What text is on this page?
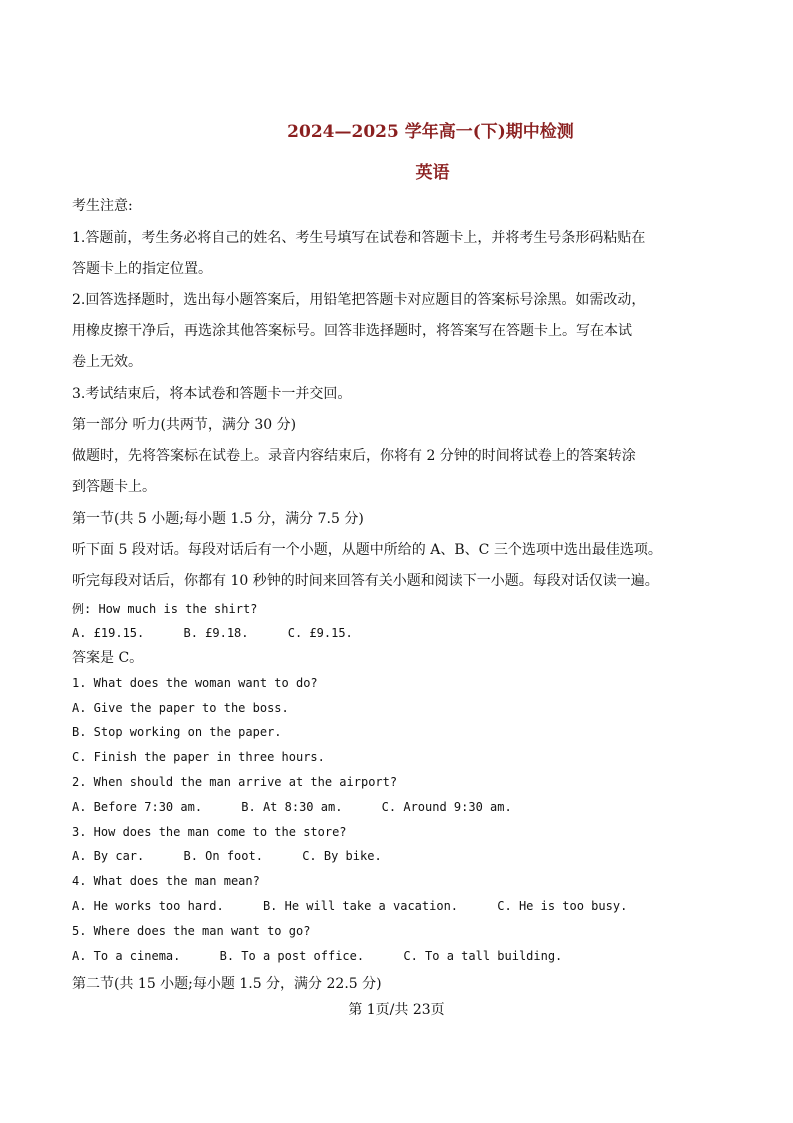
2024—2025 学年高一(下)期中检测
英语
考生注意:
1.答题前，考生务必将自己的姓名、考生号填写在试卷和答题卡上，并将考生号条形码粘贴在
答题卡上的指定位置。
2.回答选择题时，选出每小题答案后，用铅笔把答题卡对应题目的答案标号涂黑。如需改动，
用橡皮擦干净后，再选涂其他答案标号。回答非选择题时，将答案写在答题卡上。写在本试
卷上无效。
3.考试结束后，将本试卷和答题卡一并交回。
第一部分 听力(共两节，满分 30 分)
做题时，先将答案标在试卷上。录音内容结束后，你将有 2 分钟的时间将试卷上的答案转涂
到答题卡上。
第一节(共 5 小题;每小题 1.5 分，满分 7.5 分)
听下面 5 段对话。每段对话后有一个小题，从题中所给的 A、B、C 三个选项中选出最佳选项。
听完每段对话后，你都有 10 秒钟的时间来回答有关小题和阅读下一小题。每段对话仅读一遍。
例: How much is the shirt?
A. £19.15.	B. £9.18.	C. £9.15.
答案是 C。
1. What does the woman want to do?
A. Give the paper to the boss.
B. Stop working on the paper.
C. Finish the paper in three hours.
2. When should the man arrive at the airport?
A. Before 7:30 am.	B. At 8:30 am.	C. Around 9:30 am.
3. How does the man come to the store?
A. By car.	B. On foot.	C. By bike.
4. What does the man mean?
A. He works too hard.	B. He will take a vacation.	C. He is too busy.
5. Where does the man want to go?
A. To a cinema.	B. To a post office.	C. To a tall building.
第二节(共 15 小题;每小题 1.5 分，满分 22.5 分)
第 1页/共 23页
